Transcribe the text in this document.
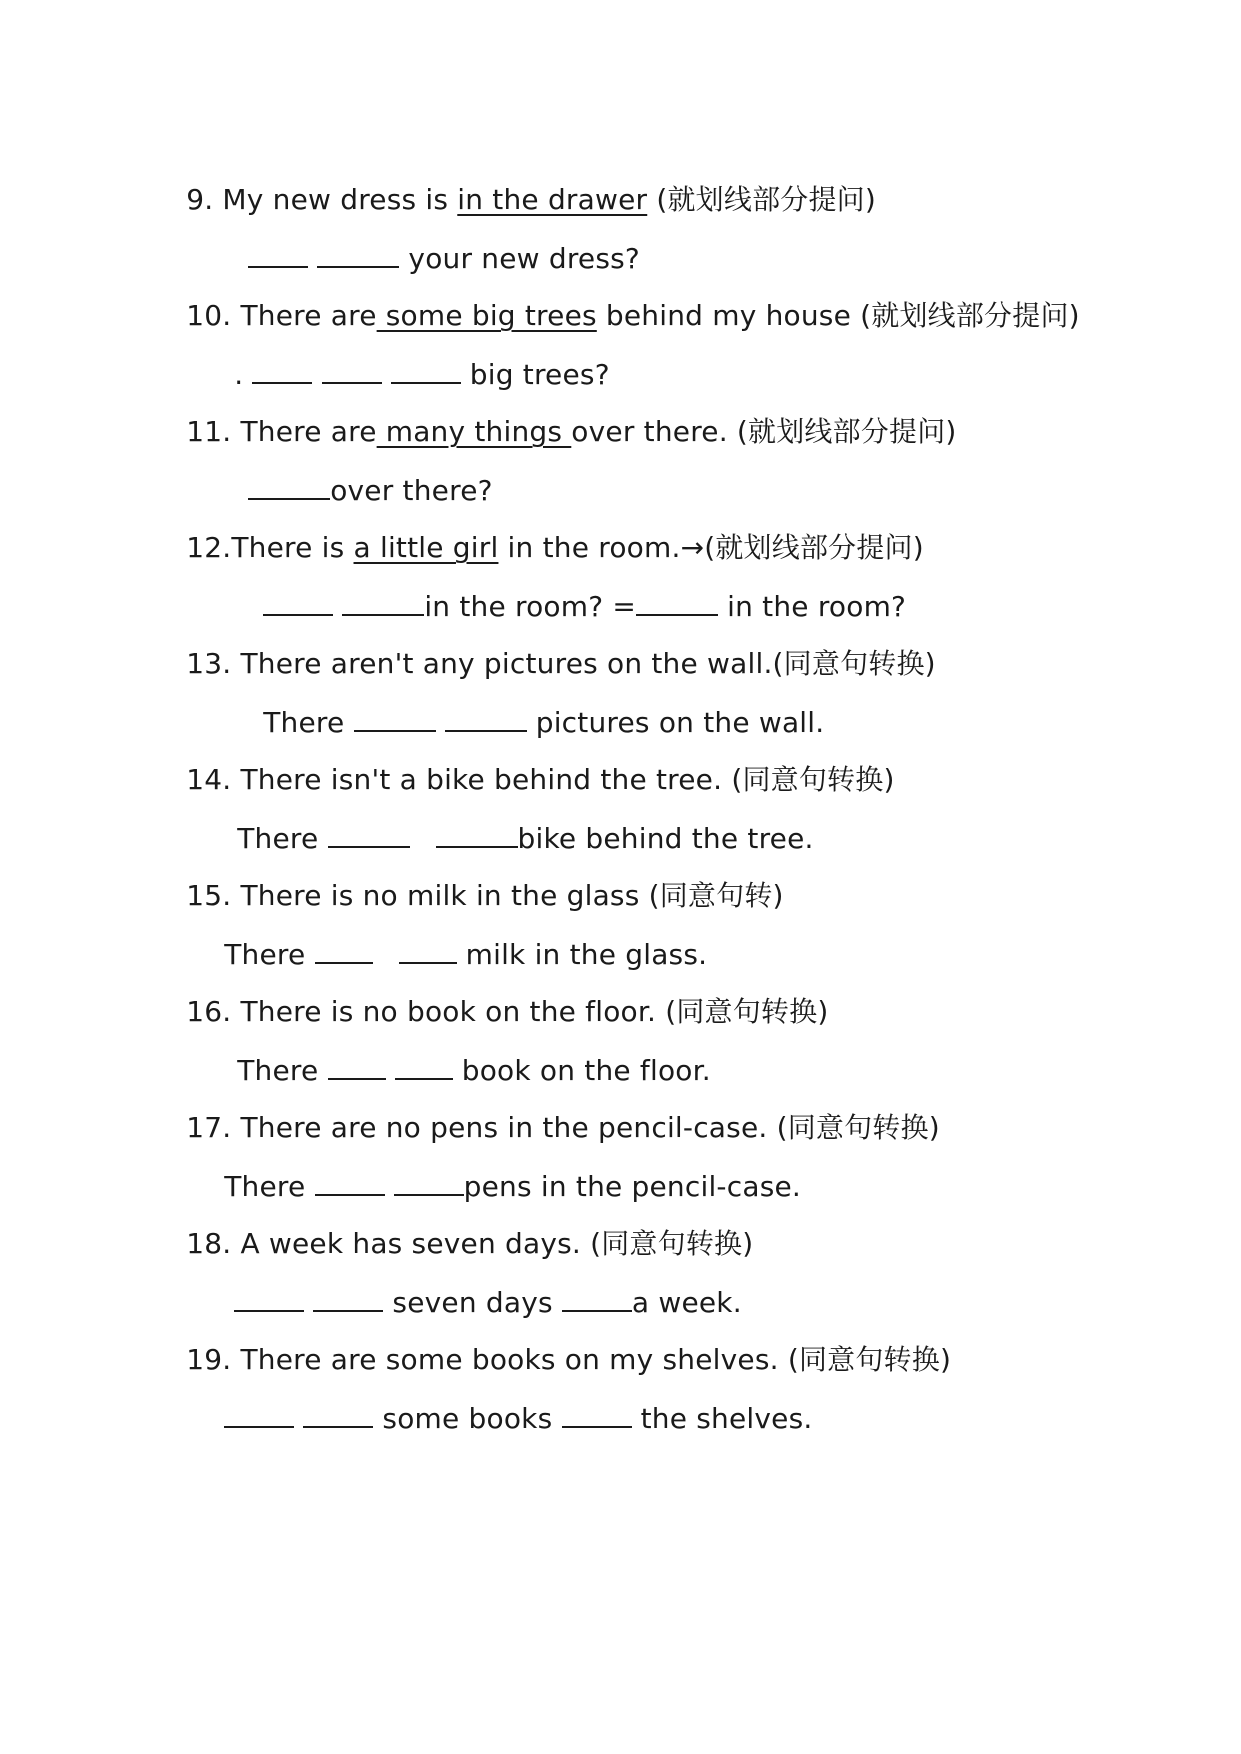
9. My new dress is in the drawer (就划线部分提问)

your new dress?

10. There are some big trees behind my house (就划线部分提问)

.	big trees?

11. There are many things over there. (就划线部分提问)

over there?

12.There is a little girl in the room.→(就划线部分提问)

in the room? =	in the room?

13. There aren't any pictures on the wall.(同意句转换)

There	pictures on the wall.

14. There isn't a bike behind the tree. (同意句转换)

There	bike behind the tree.

15. There is no milk in the glass (同意句转)

There	milk in the glass.

16. There is no book on the floor. (同意句转换)

There	book on the floor.

17. There are no pens in the pencil-case. (同意句转换)

There	pens in the pencil-case.

18. A week has seven days. (同意句转换)

seven days	a week.

19. There are some books on my shelves. (同意句转换)

some books	the shelves.
